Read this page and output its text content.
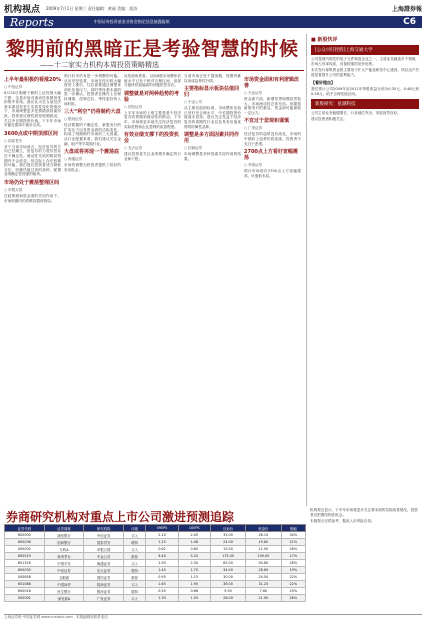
机构视点 2009年7月1日 星期三 责任编辑：黄丽 美编：聂涛	上海證券報
Reports	中国证券投资基金业协会指定信息披露报纸	C6
黎明前的黑暗正是考验智慧的时候
——十二家实力机构本周投资策略精选
上半年最积极的看涨20%
○ 中信证券

6月20日刚刚下修的上证综指大幅下跌，这是市场对流动性收紧担忧的集中体现。我们认为在当前经济基本面没有发生实质性变化的情况下，市场调整更多是情绪面因素所致，投资者应理性看待短期波动，关注中长期投资价值。下半年市场可能在震荡中逐步走高。

3600点或中期顶部区间
○ 国泰君安

对于当前市场而言，经济复苏的方向已经确立，但复苏的力度仍然存在不确定性。流动性充裕的格局短期内不会改变，但边际上存在收紧的可能。我们建议投资者适当降低仓位，回避估值过高的品种，配置业绩确定性较强的板块。

市场仍处于震荡整理区间
○ 申银万国

在政策面和资金面的共同作用下，市场短期内仍将维持震荡格局。

预计后市仍有进一步调整的可能。从历史经验看，市场在经历较大幅度的上涨后，往往需要通过调整来消化估值压力，同时等待基本面的进一步确认。投资者在操作上应保持谨慎，控制仓位，等待更好的入场时机。

三大“利空”仍将制约大盘
○ 银河证券

经济数据的不确定性、新股发行的扩容压力以及资金面的边际变化，构成了短期制约市场的三大因素。从行业配置来看，我们建议关注金融、地产等早周期行业。

大盘或将再现一个震荡底
○ 海通证券

市场的调整为投资者提供了较好的布局机会。

从估值角度看，目前A股市场整体估值水平已处于相对合理区间，但部分板块估值偏高的问题依然存在。

调整就是对两种趋势的考验
○ 国信证券

上半年市场的上涨主要是基于经济复苏的预期和流动性的推动。下半年，市场将更多地关注经济复苏的实际进程和企业盈利的改善程度。

有效业绩支撑下的投资机会
○ 光大证券

建议投资者关注业绩增长确定的行业和个股。

当前市场正处于震荡期，短期内难以形成趋势性行情。

主要指标显示板块估值回归
○ 中金公司

从主要估值指标看，市场整体估值已回归至合理水平，中长期投资价值逐步显现。建议关注受益于经济复苏的周期性行业以及具有估值优势的防御性品种。

调整是多方面因素共同作用
○ 招商证券

市场调整是多种因素共同作用的结果。

市场资金面和有利逻辑改善
○ 兴业证券

资金面方面，新增信贷规模依然较大，市场流动性总体充裕。但随着新股发行的重启，资金面可能面临一定压力。

不宜过于悲观和谨慎
○ 广发证券

经济复苏的趋势没有改变，市场的中期向上趋势仍将延续，投资者不宜过于悲观。

2700点上方看好宽幅震荡
○ 华泰证券

预计市场将在2700点上方宽幅震荡，可逢低布局。

■ 新股快评
[公众兴旺控股]上海交通大学

公司是国内领先的电子元件制造企业之一，主营业务涵盖多个领域，市场占有率较高，具备较强的竞争优势。

本次发行募集资金将主要用于扩大产能及研发中心建设，项目达产后将显著提升公司的盈利能力。

【看好理由】

我们预计公司2009年至2011年每股收益分别为0.35元、0.46元和0.58元，给予合理估值区间。

新股研究：星湖科技

公司主营业务稳健增长，行业地位突出，发展前景良好。

建议投资者积极关注。

券商研究机构对重点上市公司激进预测追踪
证券代码	证券简称	研究机构	评级	09EPS	10EPS	目标价	收盘价	涨幅
600000	浦发银行	中信证券	买入	2.10	2.45	35.00	26.10	34%
600036	招商银行	国泰君安	增持	1.25	1.48	24.00	19.80	21%
000002	万科A	申银万国	买入	0.62	0.80	15.00	11.90	26%
600519	贵州茅台	中金公司	推荐	4.40	5.20	175.00	149.00	17%
601318	中国平安	海通证券	买入	1.90	2.30	65.00	50.80	28%
600030	中信证券	光大证券	增持	1.45	1.70	34.00	28.60	19%
000858	五粮液	国信证券	推荐	0.95	1.15	30.00	24.50	22%
601088	中国神华	招商证券	买入	1.65	1.90	38.00	31.20	22%
600016	民生银行	银河证券	增持	0.55	0.66	9.50	7.60	25%
000001	深发展A	广发证券	买入	1.30	1.55	28.00	21.90	28%

机构观点显示，下半年市场将更多关注基本面的实际改善情况，投资者应把握结构性机会。

本版观点仅供参考，据此入市风险自担。

上海证券报·中国证券网 www.cnstock.com　本版编辑部联系电话
